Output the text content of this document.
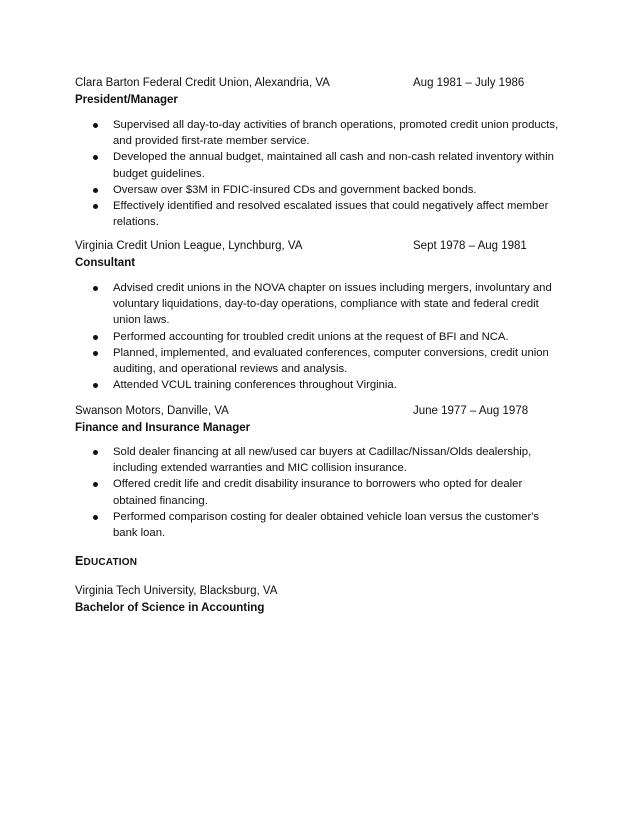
Clara Barton Federal Credit Union, Alexandria, VA	Aug 1981 – July 1986
President/Manager
Supervised all day-to-day activities of branch operations, promoted credit union products, and provided first-rate member service.
Developed the annual budget, maintained all cash and non-cash related inventory within budget guidelines.
Oversaw over $3M in FDIC-insured CDs and government backed bonds.
Effectively identified and resolved escalated issues that could negatively affect member relations.
Virginia Credit Union League, Lynchburg, VA	Sept 1978 – Aug 1981
Consultant
Advised credit unions in the NOVA chapter on issues including mergers, involuntary and voluntary liquidations, day-to-day operations, compliance with state and federal credit union laws.
Performed accounting for troubled credit unions at the request of BFI and NCA.
Planned, implemented, and evaluated conferences, computer conversions, credit union auditing, and operational reviews and analysis.
Attended VCUL training conferences throughout Virginia.
Swanson Motors, Danville, VA	June 1977 – Aug 1978
Finance and Insurance Manager
Sold dealer financing at all new/used car buyers at Cadillac/Nissan/Olds dealership, including extended warranties and MIC collision insurance.
Offered credit life and credit disability insurance to borrowers who opted for dealer obtained financing.
Performed comparison costing for dealer obtained vehicle loan versus the customer's bank loan.
EDUCATION
Virginia Tech University, Blacksburg, VA
Bachelor of Science in Accounting
